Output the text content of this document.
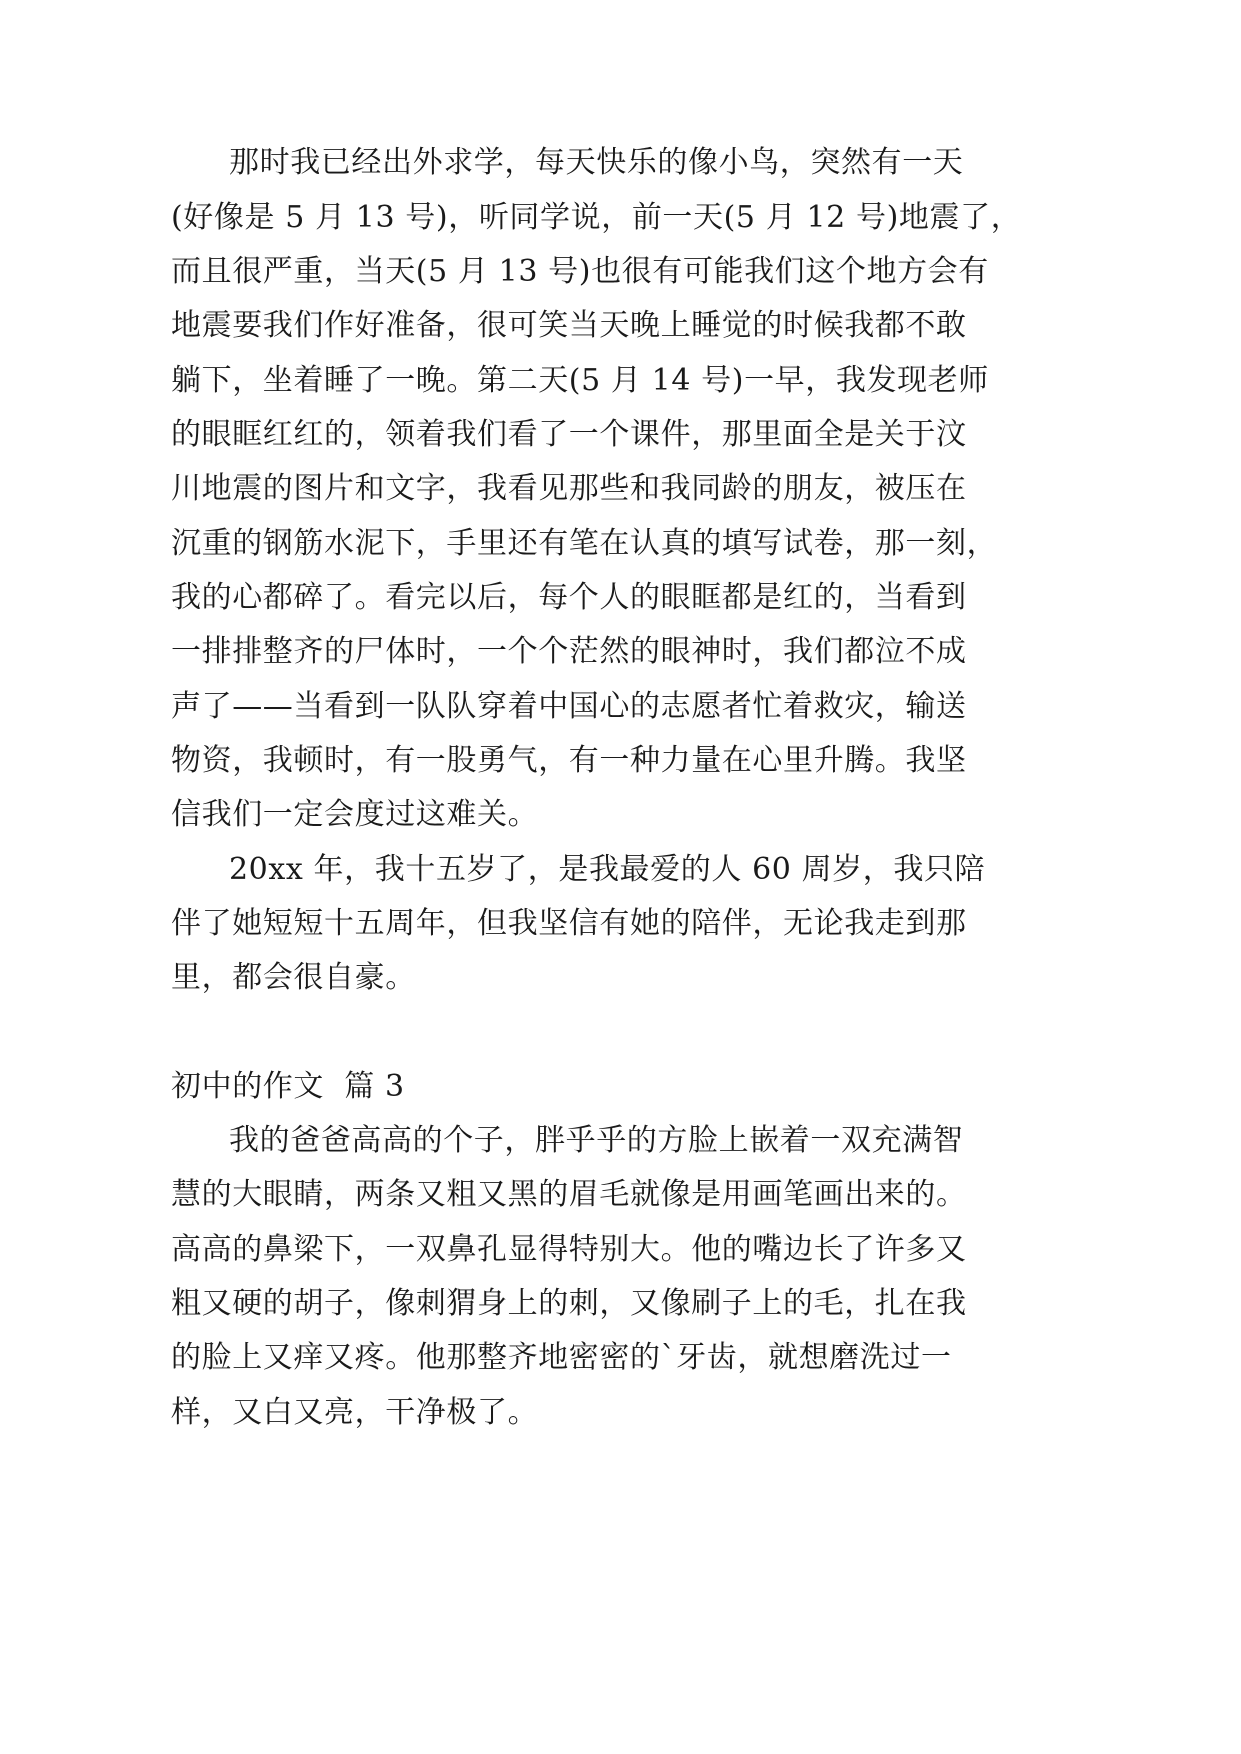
那时我已经出外求学，每天快乐的像小鸟，突然有一天
(好像是 5 月 13 号)，听同学说，前一天(5 月 12 号)地震了，
而且很严重，当天(5 月 13 号)也很有可能我们这个地方会有
地震要我们作好准备，很可笑当天晚上睡觉的时候我都不敢
躺下，坐着睡了一晚。第二天(5 月 14 号)一早，我发现老师
的眼眶红红的，领着我们看了一个课件，那里面全是关于汶
川地震的图片和文字，我看见那些和我同龄的朋友，被压在
沉重的钢筋水泥下，手里还有笔在认真的填写试卷，那一刻，
我的心都碎了。看完以后，每个人的眼眶都是红的，当看到
一排排整齐的尸体时，一个个茫然的眼神时，我们都泣不成
声了——当看到一队队穿着中国心的志愿者忙着救灾，输送
物资，我顿时，有一股勇气，有一种力量在心里升腾。我坚
信我们一定会度过这难关。
20xx 年，我十五岁了，是我最爱的人 60 周岁，我只陪
伴了她短短十五周年，但我坚信有她的陪伴，无论我走到那
里，都会很自豪。
初中的作文  篇 3
我的爸爸高高的个子，胖乎乎的方脸上嵌着一双充满智
慧的大眼睛，两条又粗又黑的眉毛就像是用画笔画出来的。
高高的鼻梁下，一双鼻孔显得特别大。他的嘴边长了许多又
粗又硬的胡子，像刺猬身上的刺，又像刷子上的毛，扎在我
的脸上又痒又疼。他那整齐地密密的`牙齿，就想磨洗过一
样，又白又亮，干净极了。
